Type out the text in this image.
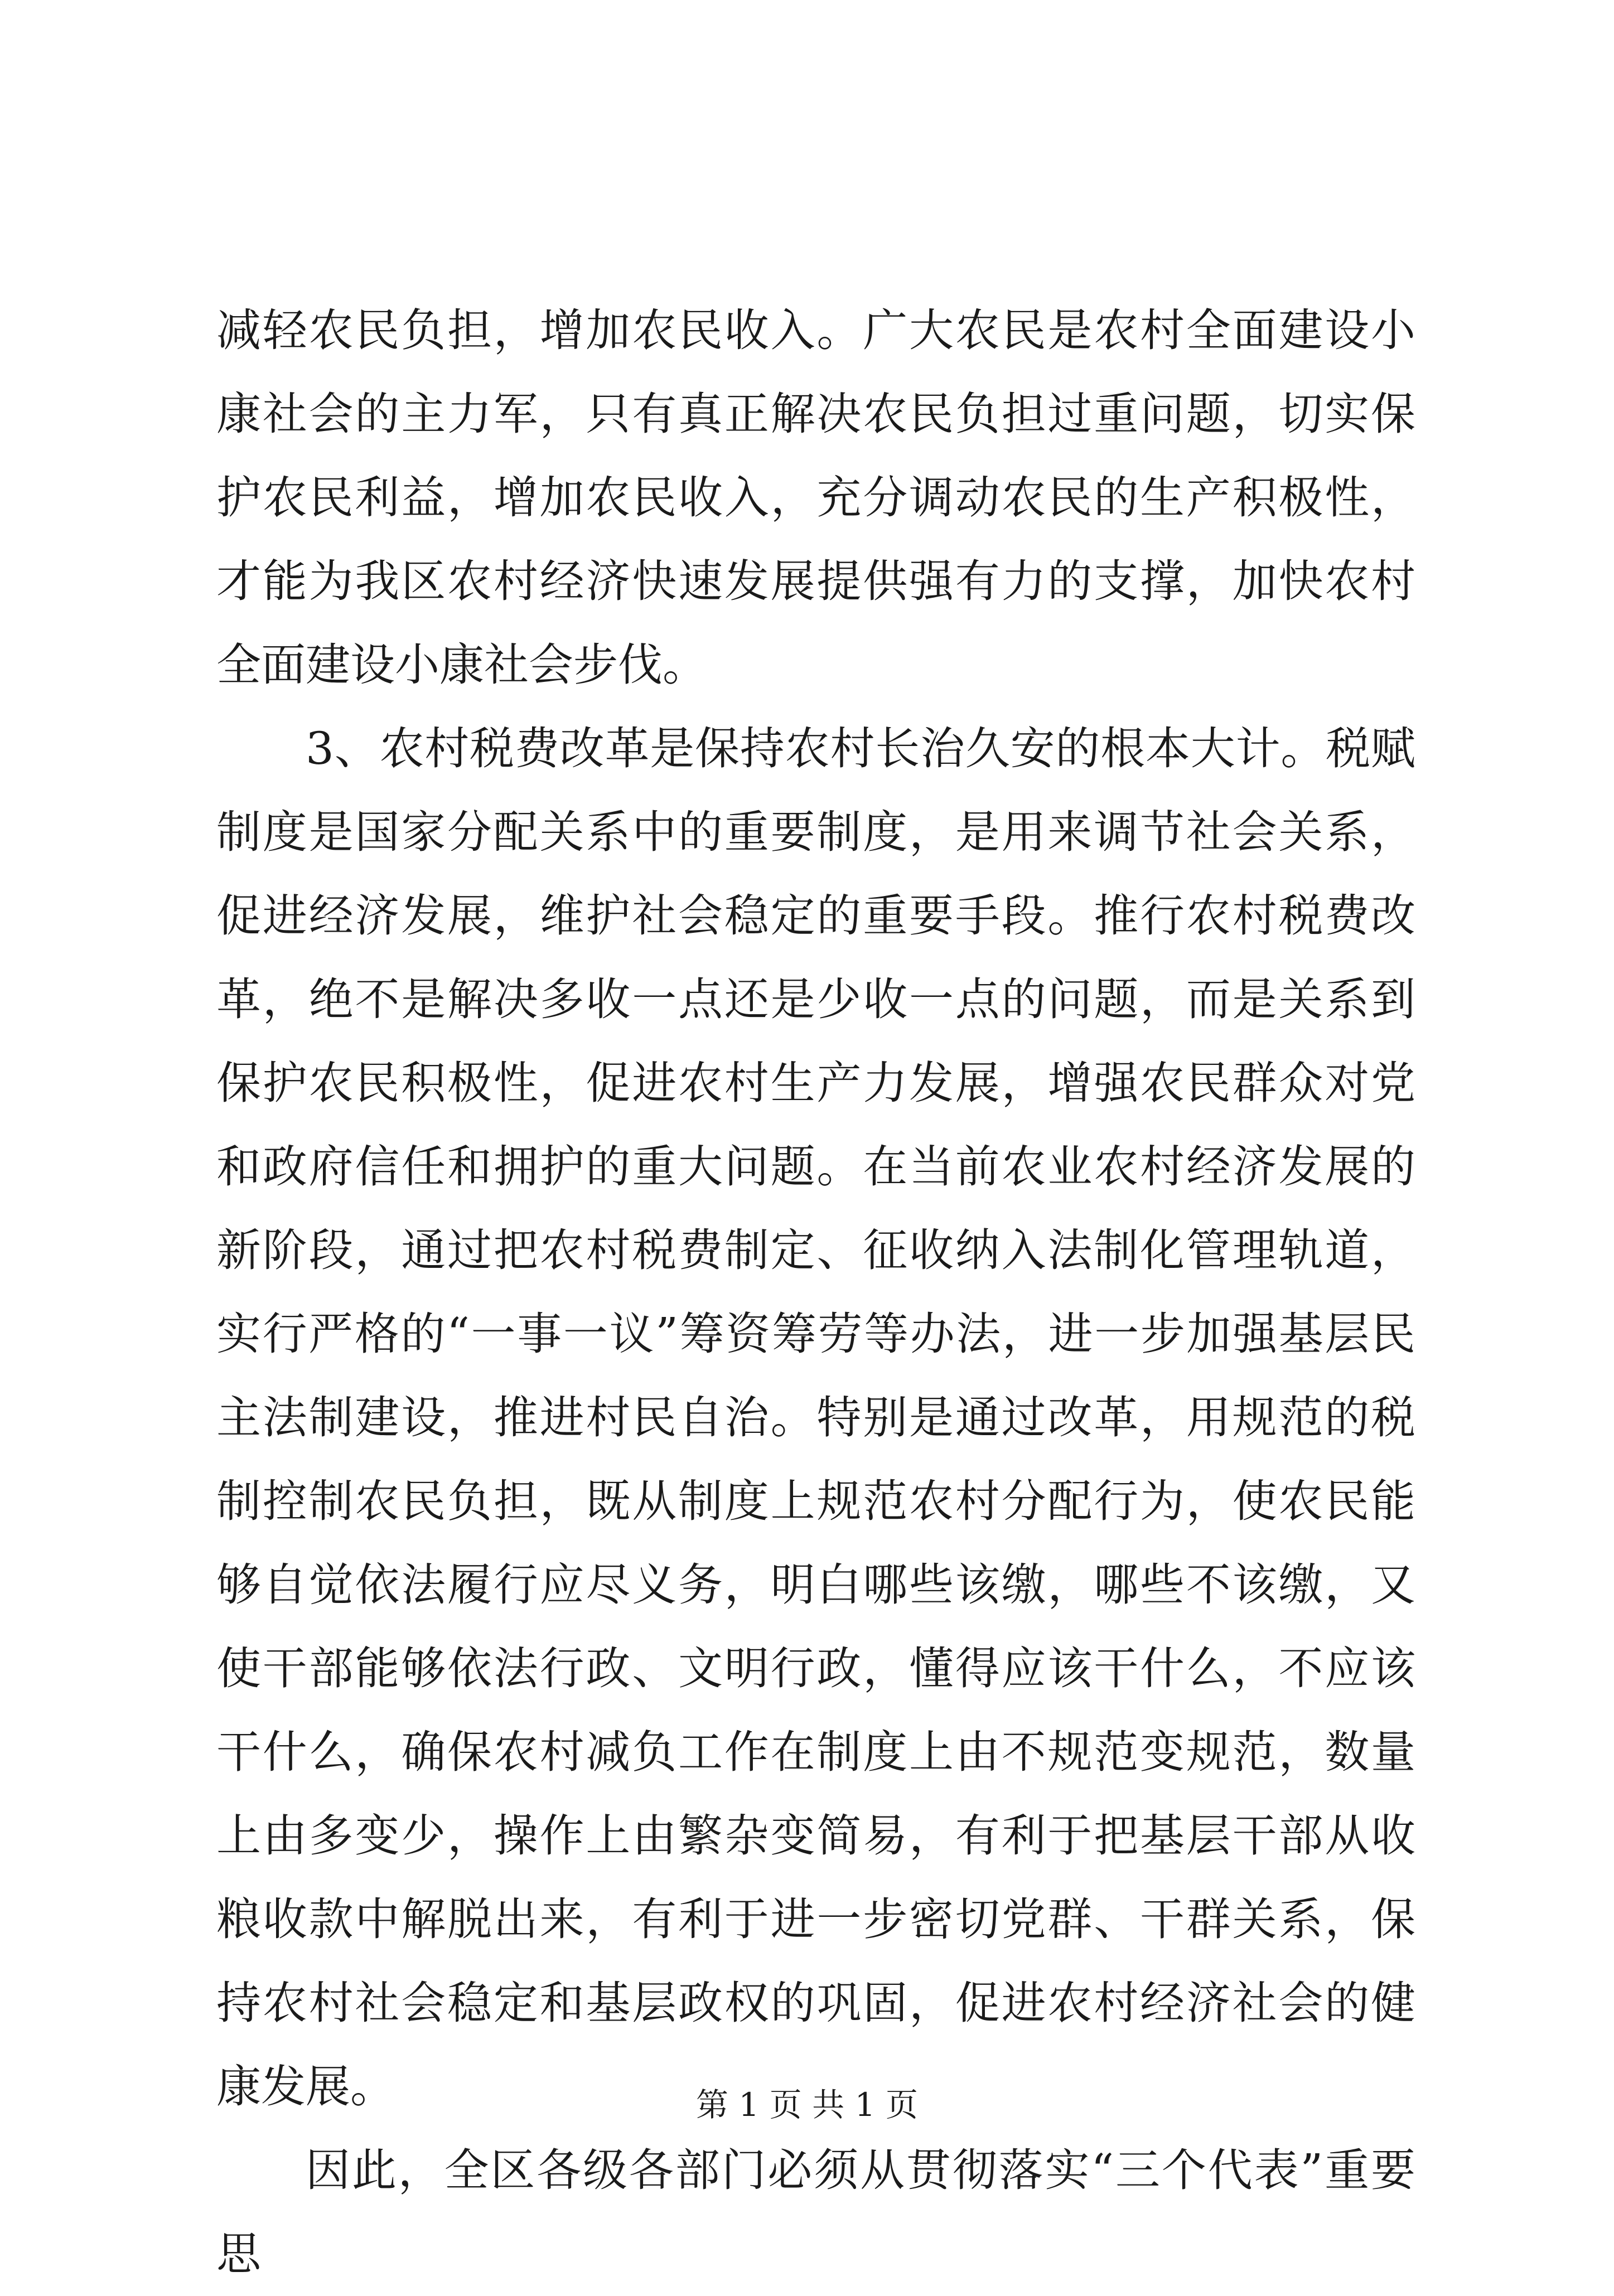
减轻农民负担，增加农民收入。广大农民是农村全面建设小康社会的主力军，只有真正解决农民负担过重问题，切实保护农民利益，增加农民收入，充分调动农民的生产积极性，才能为我区农村经济快速发展提供强有力的支撑，加快农村全面建设小康社会步伐。

3、农村税费改革是保持农村长治久安的根本大计。税赋制度是国家分配关系中的重要制度，是用来调节社会关系，促进经济发展，维护社会稳定的重要手段。推行农村税费改革，绝不是解决多收一点还是少收一点的问题，而是关系到保护农民积极性，促进农村生产力发展，增强农民群众对党和政府信任和拥护的重大问题。在当前农业农村经济发展的新阶段，通过把农村税费制定、征收纳入法制化管理轨道，实行严格的“一事一议”筹资筹劳等办法，进一步加强基层民主法制建设，推进村民自治。特别是通过改革，用规范的税制控制农民负担，既从制度上规范农村分配行为，使农民能够自觉依法履行应尽义务，明白哪些该缴，哪些不该缴，又使干部能够依法行政、文明行政，懂得应该干什么，不应该干什么，确保农村减负工作在制度上由不规范变规范，数量上由多变少，操作上由繁杂变简易，有利于把基层干部从收粮收款中解脱出来，有利于进一步密切党群、干群关系，保持农村社会稳定和基层政权的巩固，促进农村经济社会的健康发展。

因此，全区各级各部门必须从贯彻落实“三个代表”重要思

第 1 页 共 1 页
